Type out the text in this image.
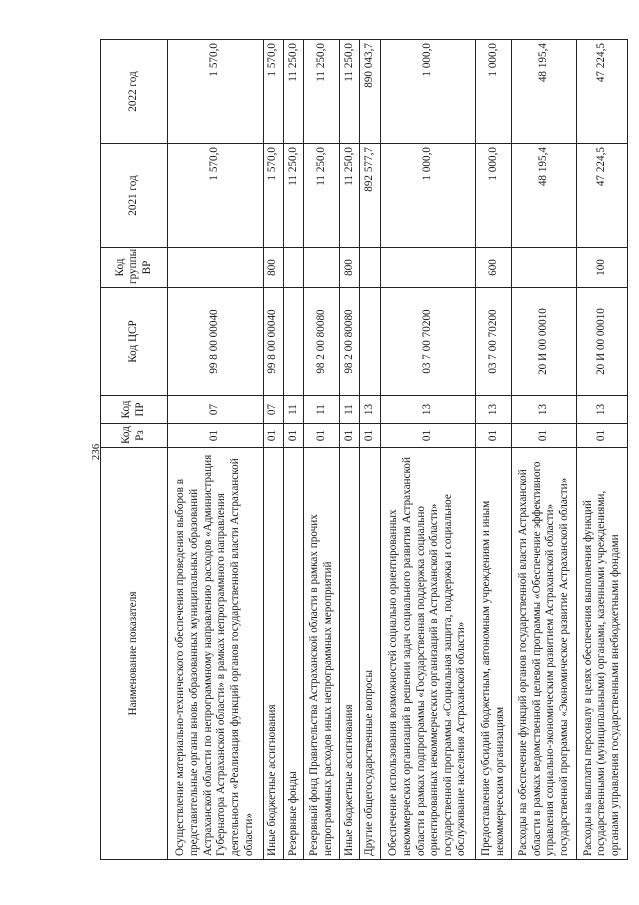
236
Наименование показателя	Код Рз	Код ПР	Код ЦСР	Код группы ВР	2021 год	2022 год
Осуществление материально-технического обеспечения проведения выборов в представительные органы вновь образованных муниципальных образований Астраханской области по непрограммному направлению расходов «Администрация Губернатора Астраханской области» в рамках непрограммного направления деятельности «Реализация функций органов государственной власти Астраханской области»	01	07	99 8 00 00040		1 570,0	1 570,0
Иные бюджетные ассигнования	01	07	99 8 00 00040	800	1 570,0	1 570,0
Резервные фонды	01	11			11 250,0	11 250,0
Резервный фонд Правительства Астраханской области в рамках прочих непрограммных расходов иных непрограммных мероприятий	01	11	98 2 00 80080		11 250,0	11 250,0
Иные бюджетные ассигнования	01	11	98 2 00 80080	800	11 250,0	11 250,0
Другие общегосударственные вопросы	01	13			892 577,7	890 043,7
Обеспечение использования возможностей социально ориентированных некоммерческих организаций в решении задач социального развития Астраханской области в рамках подпрограммы «Государственная поддержка социально ориентированных некоммерческих организаций в Астраханской области» государственной программы «Социальная защита, поддержка и социальное обслуживание населения Астраханской области»	01	13	03 7 00 70200		1 000,0	1 000,0
Предоставление субсидий бюджетным, автономным учреждениям и иным некоммерческим организациям	01	13	03 7 00 70200	600	1 000,0	1 000,0
Расходы на обеспечение функций органов государственной власти Астраханской области в рамках ведомственной целевой программы «Обеспечение эффективного управления социально-экономическим развитием Астраханской области» государственной программы «Экономическое развитие Астраханской области»	01	13	20 И 00 00010		48 195,4	48 195,4
Расходы на выплаты персоналу в целях обеспечения выполнения функций государственными (муниципальными) органами, казенными учреждениями, органами управления государственными внебюджетными фондами	01	13	20 И 00 00010	100	47 224,5	47 224,5
